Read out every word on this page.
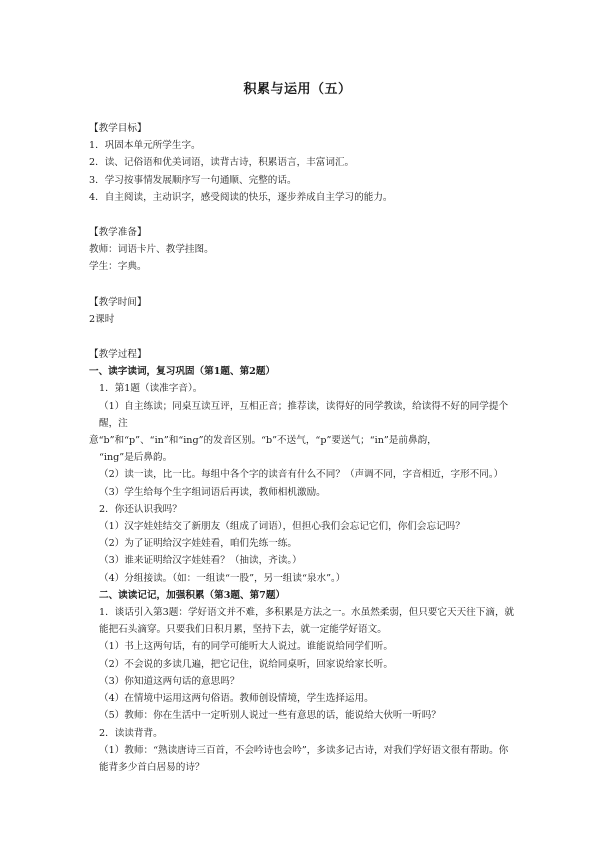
积累与运用（五）
【教学目标】
1．巩固本单元所学生字。
2．读、记俗语和优美词语，读背古诗，积累语言，丰富词汇。
3．学习按事情发展顺序写一句通顺、完整的话。
4．自主阅读，主动识字，感受阅读的快乐，逐步养成自主学习的能力。
【教学准备】
教师：词语卡片、教学挂图。
学生：字典。
【教学时间】
2课时
【教学过程】
一、读字读词，复习巩固（第1题、第2题）
1．第1题（读准字音）。
（1）自主练读；同桌互读互评，互相正音；推荐读，读得好的同学教读，给读得不好的同学提个醒，注
意“b”和“p”、“in”和“ing”的发音区别。“b”不送气，“p”要送气；“in”是前鼻韵，
“ing”是后鼻韵。
（2）读一读，比一比。每组中各个字的读音有什么不同？（声调不同，字音相近，字形不同。）
（3）学生给每个生字组词语后再读，教师相机激励。
2．你还认识我吗？
（1）汉字娃娃结交了新朋友（组成了词语），但担心我们会忘记它们，你们会忘记吗？
（2）为了证明给汉字娃娃看，咱们先练一练。
（3）谁来证明给汉字娃娃看？（抽读，齐读。）
（4）分组接读。（如：一组读“一股”，另一组读“泉水”。）
二、读读记记，加强积累（第3题、第7题）
1．谈话引入第3题：学好语文并不难，多积累是方法之一。水虽然柔弱，但只要它天天往下滴，就能把石头滴穿。只要我们日积月累，坚持下去，就一定能学好语文。
（1）书上这两句话，有的同学可能听大人说过。谁能说给同学们听。
（2）不会说的多读几遍，把它记住，说给同桌听，回家说给家长听。
（3）你知道这两句话的意思吗？
（4）在情境中运用这两句俗语。教师创设情境，学生选择运用。
（5）教师：你在生活中一定听别人说过一些有意思的话，能说给大伙听一听吗？
2．读读背背。
（1）教师：“熟读唐诗三百首，不会吟诗也会吟”，多读多记古诗，对我们学好语文很有帮助。你能背多少首白居易的诗？
